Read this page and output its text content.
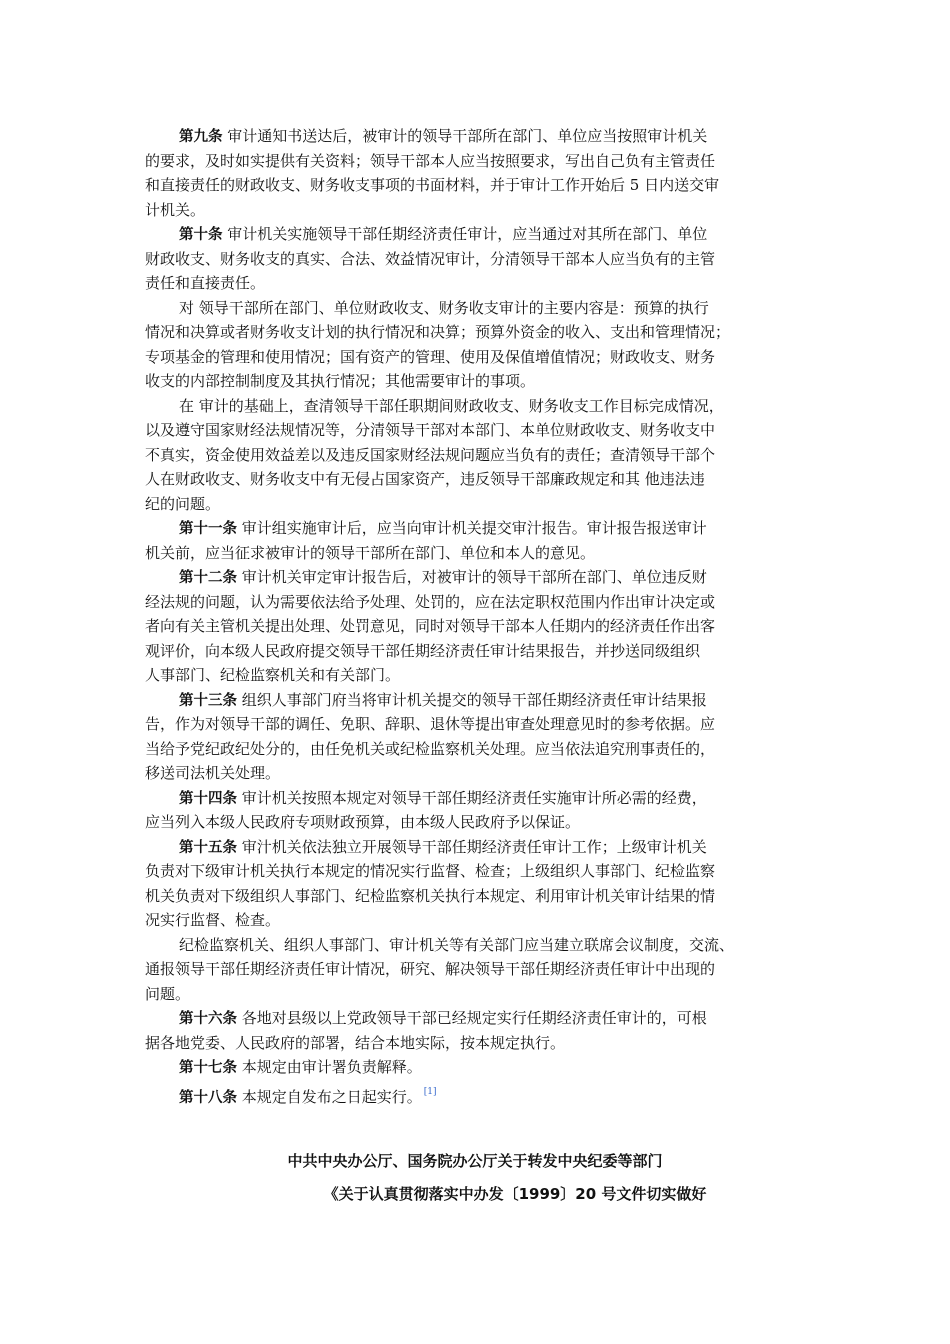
第九条 审计通知书送达后，被审计的领导干部所在部门、单位应当按照审计机关
的要求，及时如实提供有关资料；领导干部本人应当按照要求，写出自己负有主管责任
和直接责任的财政收支、财务收支事项的书面材料，并于审计工作开始后 5 日内送交审
计机关。
第十条 审计机关实施领导干部任期经济责任审计，应当通过对其所在部门、单位
财政收支、财务收支的真实、合法、效益情况审计，分清领导干部本人应当负有的主管
责任和直接责任。
对 领导干部所在部门、单位财政收支、财务收支审计的主要内容是：预算的执行
情况和决算或者财务收支计划的执行情况和决算；预算外资金的收入、支出和管理情况；
专项基金的管理和使用情况；国有资产的管理、使用及保值增值情况；财政收支、财务
收支的内部控制制度及其执行情况；其他需要审计的事项。
在 审计的基础上，查清领导干部任职期间财政收支、财务收支工作目标完成情况，
以及遵守国家财经法规情况等，分清领导干部对本部门、本单位财政收支、财务收支中
不真实，资金使用效益差以及违反国家财经法规问题应当负有的责任；查清领导干部个
人在财政收支、财务收支中有无侵占国家资产，违反领导干部廉政规定和其 他违法违
纪的问题。
第十一条 审计组实施审计后，应当向审计机关提交审汁报告。审计报告报送审计
机关前，应当征求被审计的领导干部所在部门、单位和本人的意见。
第十二条 审计机关审定审计报告后，对被审计的领导干部所在部门、单位违反财
经法规的问题，认为需要依法给予处理、处罚的，应在法定职权范围内作出审计决定或
者向有关主管机关提出处理、处罚意见，同时对领导干部本人任期内的经济责任作出客
观评价，向本级人民政府提交领导干部任期经济责任审计结果报告，并抄送同级组织
人事部门、纪检监察机关和有关部门。
第十三条 组织人事部门府当将审计机关提交的领导干部任期经济责任审计结果报
告，作为对领导干部的调任、免职、辞职、退休等提出审查处理意见时的参考依据。应
当给予党纪政纪处分的，由任免机关或纪检监察机关处理。应当依法追究刑事责任的，
移送司法机关处理。
第十四条 审计机关按照本规定对领导干部任期经济责任实施审计所必需的经费，
应当列入本级人民政府专项财政预算，由本级人民政府予以保证。
第十五条 审汁机关依法独立开展领导干部任期经济责任审计工作；上级审计机关
负责对下级审计机关执行本规定的情况实行监督、检查；上级组织人事部门、纪检监察
机关负责对下级组织人事部门、纪检监察机关执行本规定、利用审计机关审计结果的情
况实行监督、检查。
纪检监察机关、组织人事部门、审计机关等有关部门应当建立联席会议制度，交流、
通报领导干部任期经济责任审计情况，研究、解决领导干部任期经济责任审计中出现的
问题。
第十六条 各地对县级以上党政领导干部已经规定实行任期经济责任审计的，可根
据各地党委、人民政府的部署，结合本地实际，按本规定执行。
第十七条 本规定由审计署负责解释。
第十八条 本规定自发布之日起实行。 [1]
中共中央办公厅、国务院办公厅关于转发中央纪委等部门
《关于认真贯彻落实中办发〔1999〕20 号文件切实做好
